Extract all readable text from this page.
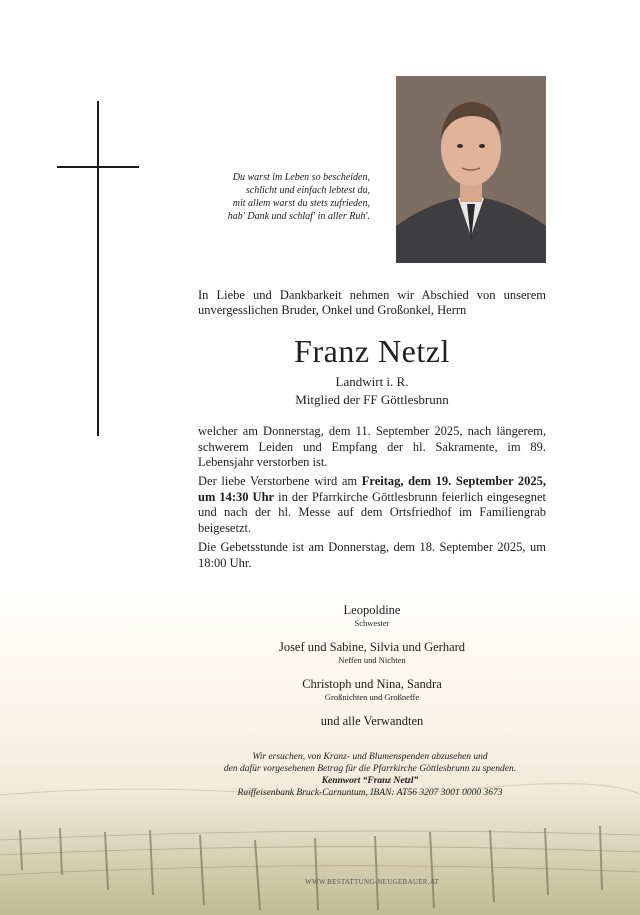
Du warst im Leben so bescheiden,
schlicht und einfach lebtest du,
mit allem warst du stets zufrieden,
hab' Dank und schlaf' in aller Ruh'.
In Liebe und Dankbarkeit nehmen wir Abschied von unserem unvergesslichen Bruder, Onkel und Großonkel, Herrn
Franz Netzl
Landwirt i. R.
Mitglied der FF Göttlesbrunn
welcher am Donnerstag, dem 11. September 2025, nach längerem, schwerem Leiden und Empfang der hl. Sakramente, im 89. Lebensjahr verstorben ist.
Der liebe Verstorbene wird am Freitag, dem 19. September 2025, um 14:30 Uhr in der Pfarrkirche Göttlesbrunn feierlich eingesegnet und nach der hl. Messe auf dem Ortsfriedhof im Familiengrab beigesetzt.
Die Gebetsstunde ist am Donnerstag, dem 18. September 2025, um 18:00 Uhr.
Leopoldine
Schwester
Josef und Sabine, Silvia und Gerhard
Neffen und Nichten
Christoph und Nina, Sandra
Großnichten und Großneffe
und alle Verwandten
Wir ersuchen, von Kranz- und Blumenspenden abzusehen und
den dafür vorgesehenen Betrag für die Pfarrkirche Göttlesbrunn zu spenden.
Kennwort “Franz Netzl”
Raiffeisenbank Bruck-Carnuntum, IBAN: AT56 3207 3001 0000 3673
WWW.BESTATTUNG-NEUGEBAUER.AT
